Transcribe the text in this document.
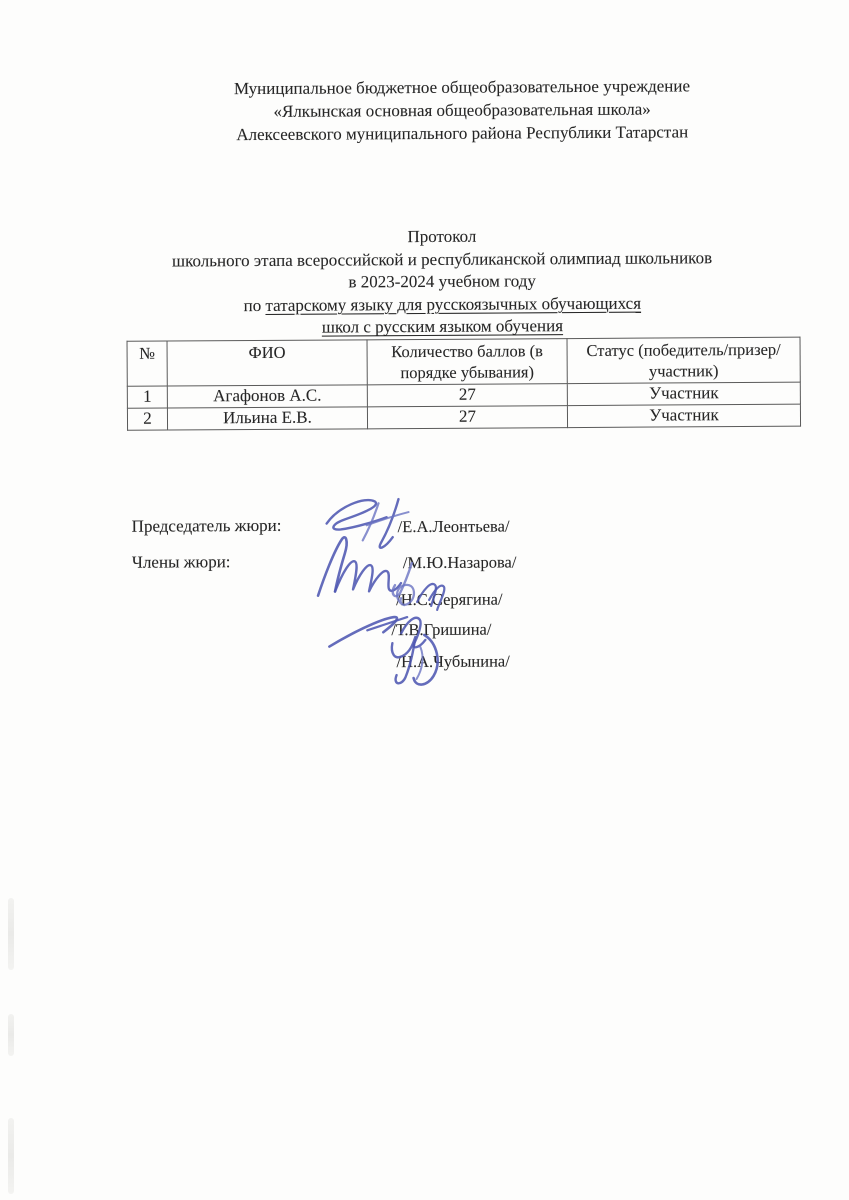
Муниципальное бюджетное общеобразовательное учреждение
«Ялкынская основная общеобразовательная школа»
Алексеевского муниципального района Республики Татарстан
Протокол
школьного этапа всероссийской и республиканской олимпиад школьников
в 2023-2024 учебном году
по татарскому языку для русскоязычных обучающихся
школ с русским языком обучения
№	ФИО	Количество баллов (в порядке убывания)	Статус (победитель/призер/участник)
1	Агафонов А.С.	27	Участник
2	Ильина Е.В.	27	Участник
Председатель жюри:
Члены жюри:
/Е.А.Леонтьева/
/М.Ю.Назарова/
/Н.С.Серягина/
/Т.В.Гришина/
/Н.А.Чубынина/
